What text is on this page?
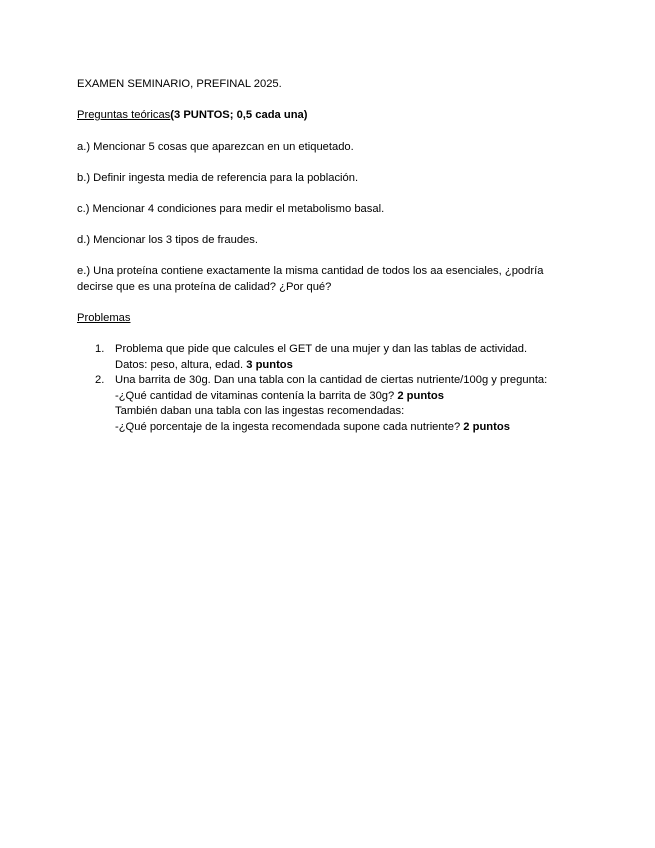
EXAMEN SEMINARIO, PREFINAL 2025.
Preguntas teóricas(3 PUNTOS; 0,5 cada una)
a.) Mencionar 5 cosas que aparezcan en un etiquetado.
b.) Definir ingesta media de referencia para la población.
c.) Mencionar 4 condiciones para medir el metabolismo basal.
d.) Mencionar los 3 tipos de fraudes.
e.) Una proteína contiene exactamente la misma cantidad de todos los aa esenciales, ¿podría
decirse que es una proteína de calidad? ¿Por qué?
Problemas
1. Problema que pide que calcules el GET de una mujer y dan las tablas de actividad.
Datos: peso, altura, edad. 3 puntos
2. Una barrita de 30g. Dan una tabla con la cantidad de ciertas nutriente/100g y pregunta:
-¿Qué cantidad de vitaminas contenía la barrita de 30g? 2 puntos
También daban una tabla con las ingestas recomendadas:
-¿Qué porcentaje de la ingesta recomendada supone cada nutriente? 2 puntos
